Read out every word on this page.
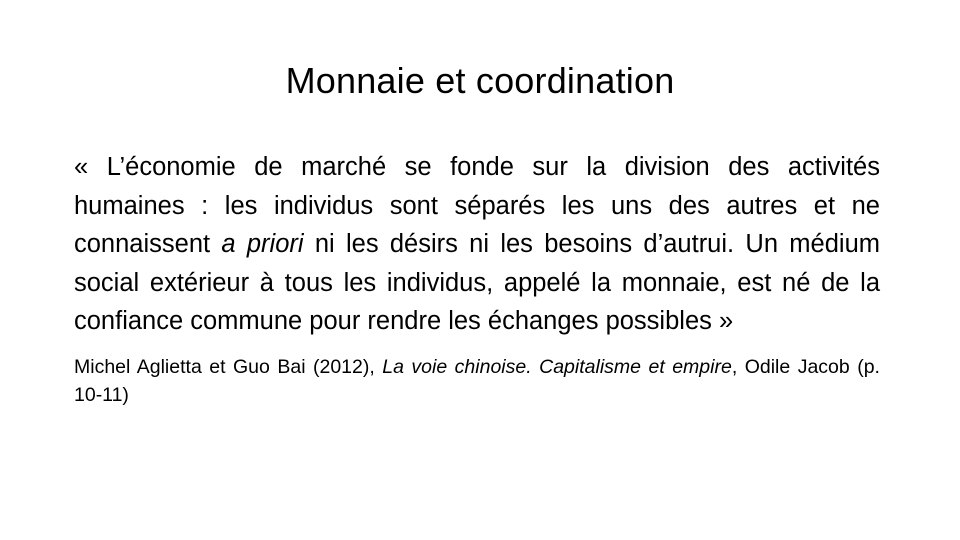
Monnaie et coordination

« L’économie de marché se fonde sur la division des activités humaines : les individus sont séparés les uns des autres et ne connaissent a priori ni les désirs ni les besoins d’autrui. Un médium social extérieur à tous les individus, appelé la monnaie, est né de la confiance commune pour rendre les échanges possibles »

Michel Aglietta et Guo Bai (2012), La voie chinoise. Capitalisme et empire, Odile Jacob (p. 10-11)
